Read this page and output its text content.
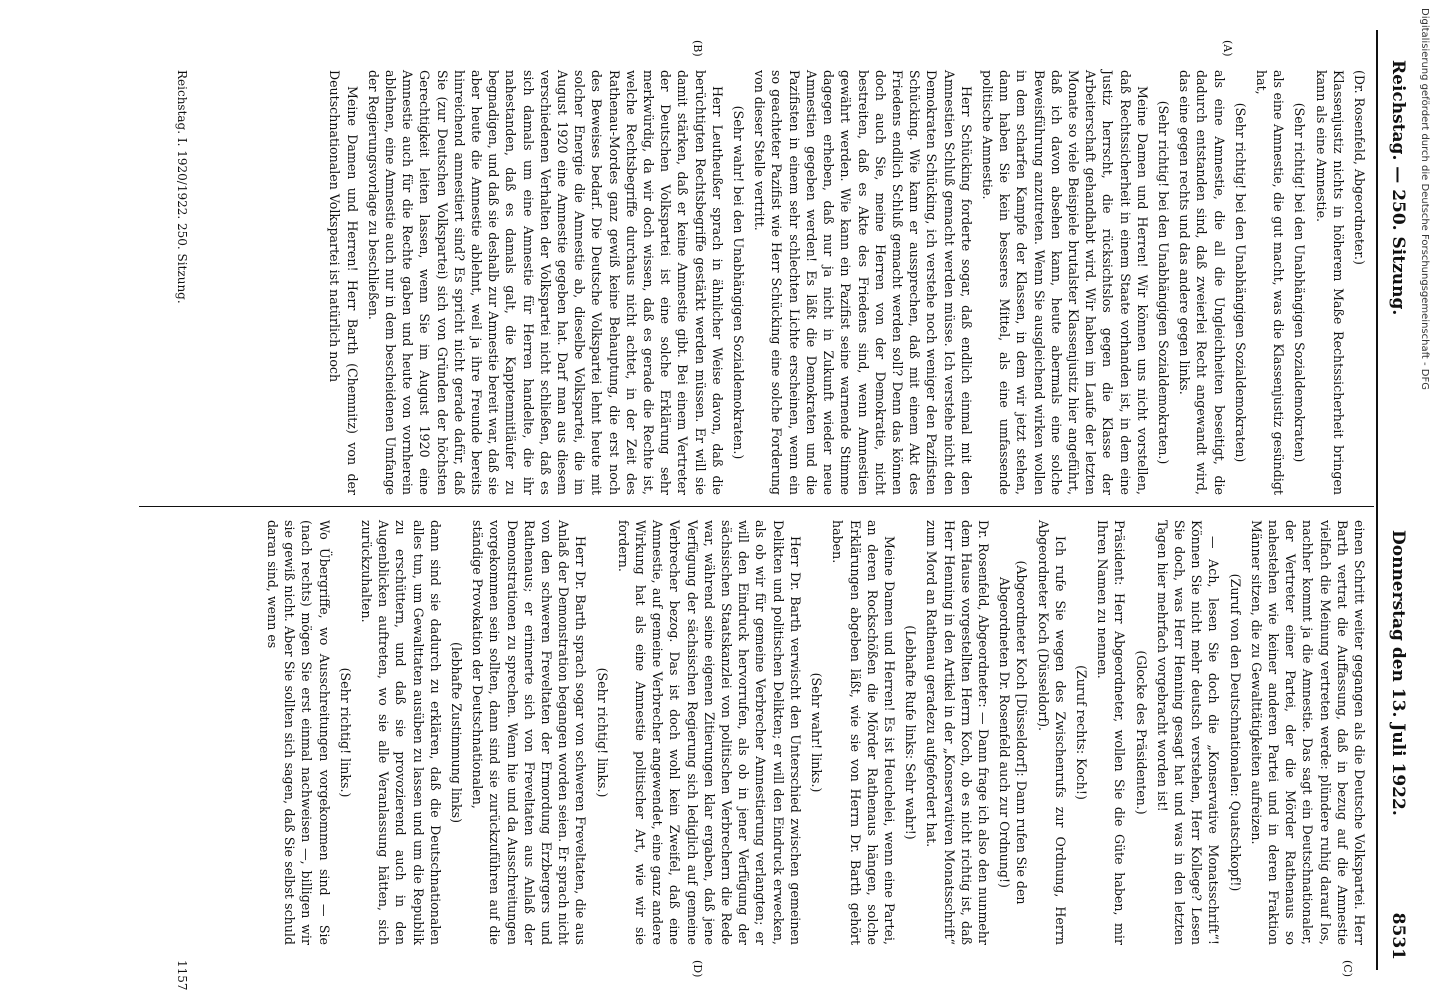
Reichstag. — 250. Sitzung.
Donnerstag den 13. Juli 1922.
8531
(A)
(B)
(C)
(D)

(Dr. Rosenfeld, Abgeordneter.)

Klassenjustiz nichts in höherem Maße Rechtssicherheit bringen kann als eine Amnestie.

(Sehr richtig! bei den Unabhängigen Sozialdemokraten)

als eine Amnestie, die gut macht, was die Klassenjustiz gesündigt hat,

(Sehr richtig! bei den Unabhängigen Sozialdemokraten)

als eine Amnestie, die all die Ungleichheiten beseitigt, die dadurch entstanden sind, daß zweierlei Recht angewandt wird, das eine gegen rechts und das andere gegen links.

(Sehr richtig! bei den Unabhängigen Sozialdemokraten.)

Meine Damen und Herren! Wir können uns nicht vorstellen, daß Rechtssicherheit in einem Staate vorhanden ist, in dem eine Justiz herrscht, die rücksichtslos gegen die Klasse der Arbeiterschaft gehandhabt wird. Wir haben im Laufe der letzten Monate so viele Beispiele brutalster Klassenjustiz hier angeführt, daß ich davon absehen kann, heute abermals eine solche Beweisführung anzutreten. Wenn Sie ausgleichend wirken wollen in dem scharfen Kampfe der Klassen, in dem wir jetzt stehen, dann haben Sie kein besseres Mittel, als eine umfassende politische Amnestie.

Herr Schücking forderte sogar, daß endlich einmal mit den Amnestien Schluß gemacht werden müsse. Ich verstehe nicht den Demokraten Schücking, ich verstehe noch weniger den Pazifisten Schücking. Wie kann er aussprechen, daß mit einem Akt des Friedens endlich Schluß gemacht werden soll? Denn das können doch auch Sie, meine Herren von der Demokratie, nicht bestreiten, daß es Akte des Friedens sind, wenn Amnestien gewährt werden. Wie kann ein Pazifist seine warnende Stimme dagegen erheben, daß nur ja nicht in Zukunft wieder neue Amnestien gegeben werden! Es läßt die Demokraten und die Pazifisten in einem sehr schlechten Lichte erscheinen, wenn ein so geachteter Pazifist wie Herr Schücking eine solche Forderung von dieser Stelle vertritt.

(Sehr wahr! bei den Unabhängigen Sozialdemokraten.)

Herr Leutheußer sprach in ähnlicher Weise davon, daß die berüchtigten Rechtsbegriffe gestärkt werden müssen. Er will sie damit stärken, daß er keine Amnestie gibt. Bei einem Vertreter der Deutschen Volkspartei ist eine solche Erklärung sehr merkwürdig, da wir doch wissen, daß es gerade die Rechte ist, welche Rechtsbegriffe durchaus nicht achtet, in der Zeit des Rathenau-Mordes ganz gewiß keine Behauptung, die erst noch des Beweises bedarf. Die Deutsche Volkspartei lehnt heute mit solcher Energie die Amnestie ab, dieselbe Volkspartei, die im August 1920 eine Amnestie gegeben hat. Darf man aus diesem verschiedenen Verhalten der Volkspartei nicht schließen, daß es sich damals um eine Amnestie für Herren handelte, die ihr nahestanden, daß es damals galt, die Kapptenmitläufer zu begnadigen, und daß sie deshalb zur Amnestie bereit war, daß sie aber heute die Amnestie ablehnt, weil ja ihre Freunde bereits hinreichend amnestiert sind? Es spricht nicht gerade dafür, daß Sie (zur Deutschen Volkspartei) sich von Gründen der höchsten Gerechtigkeit leiten lassen, wenn Sie im August 1920 eine Amnestie auch für die Rechte gaben und heute von vornherein ablehnen, eine Amnestie auch nur in dem bescheidenen Umfange der Regierungsvorlage zu beschließen.

Meine Damen und Herren! Herr Barth (Chemnitz) von der Deutschnationalen Volkspartei ist natürlich noch

einen Schritt weiter gegangen als die Deutsche Volkspartei. Herr Barth vertrat die Auffassung, daß in bezug auf die Amnestie vielfach die Meinung vertreten werde: plündere ruhig darauf los, nachher kommt ja die Amnestie. Das sagt ein Deutschnationaler, der Vertreter einer Partei, der die Mörder Rathenaus so nahestehen wie keiner anderen Partei und in deren Fraktion Männer sitzen, die zu Gewalttätigkeiten aufreizen.

(Zuruf von den Deutschnationalen: Quatschkopf!)

— Ach, lesen Sie doch die „Konservative Monatsschrift“! Können Sie nicht mehr deutsch verstehen, Herr Kollege? Lesen Sie doch, was Herr Henning gesagt hat und was in den letzten Tagen hier mehrfach vorgebracht worden ist!

(Glocke des Präsidenten.)

Präsident: Herr Abgeordneter, wollen Sie die Güte haben, mir Ihren Namen zu nennen.

(Zuruf rechts: Koch!)

Ich rufe Sie wegen des Zwischenrufs zur Ordnung, Herrn Abgeordneter Koch (Düsseldorf).

(Abgeordneter Koch [Düsseldorf]: Dann rufen Sie den Abgeordneten Dr. Rosenfeld auch zur Ordnung!)

Dr. Rosenfeld, Abgeordneter: — Dann frage ich also den nunmehr dem Hause vorgestellten Herrn Koch, ob es nicht richtig ist, daß Herr Henning in den Artikel in der „Konservativen Monatsschrift“ zum Mord an Rathenau geradezu aufgefordert hat.

(Lebhafte Rufe links: Sehr wahr!)

Meine Damen und Herren! Es ist Heuchelei, wenn eine Partei, an deren Rockschößen die Mörder Rathenaus hängen, solche Erklärungen abgeben läßt, wie sie von Herrn Dr. Barth gehört haben.

(Sehr wahr! links.)

Herr Dr. Barth verwischt den Unterschied zwischen gemeinen Delikten und politischen Delikten; er will den Eindruck erwecken, als ob wir für gemeine Verbrecher Amnestierung verlangten; er will den Eindruck hervorrufen, als ob in jener Verfügung der sächsischen Staatskanzlei von politischen Verbrechern die Rede war, während seine eigenen Zitierungen klar ergaben, daß jene Verfügung der sächsischen Regierung sich lediglich auf gemeine Verbrecher bezog. Das ist doch wohl kein Zweifel, daß eine Amnestie, auf gemeine Verbrecher angewendet, eine ganz andere Wirkung hat als eine Amnestie politischer Art, wie wir sie fordern.

(Sehr richtig! links.)

Herr Dr. Barth sprach sogar von schweren Freveltaten, die aus Anlaß der Demonstration begangen worden seien. Er sprach nicht von den schweren Freveltaten der Ermordung Erzbergers und Rathenaus; er erinnerte sich von Freveltaten aus Anlaß der Demonstrationen zu sprechen. Wenn hie und da Ausschreitungen vorgekommen sein sollten, dann sind sie zurückzuführen auf die ständige Provokation der Deutschnationalen,

(lebhafte Zustimmung links)

dann sind sie dadurch zu erklären, daß die Deutschnationalen alles tun, um Gewalttaten ausüben zu lassen und um die Republik zu erschüttern, und daß sie provozierend auch in den Augenblicken auftreten, wo sie alle Veranlassung hätten, sich zurückzuhalten.

(Sehr richtig! links.)

Wo Übergriffe, wo Ausschreitungen vorgekommen sind — Sie (nach rechts) mögen Sie erst einmal nachweisen —, billigen wir sie gewiß nicht. Aber Sie sollten sich sagen, daß Sie selbst schuld daran sind, wenn es

Reichstag. I. 1920/1922. 250. Sitzung.
1157
Digitalisierung gefördert durch die Deutsche Forschungsgemeinschaft - DFG
